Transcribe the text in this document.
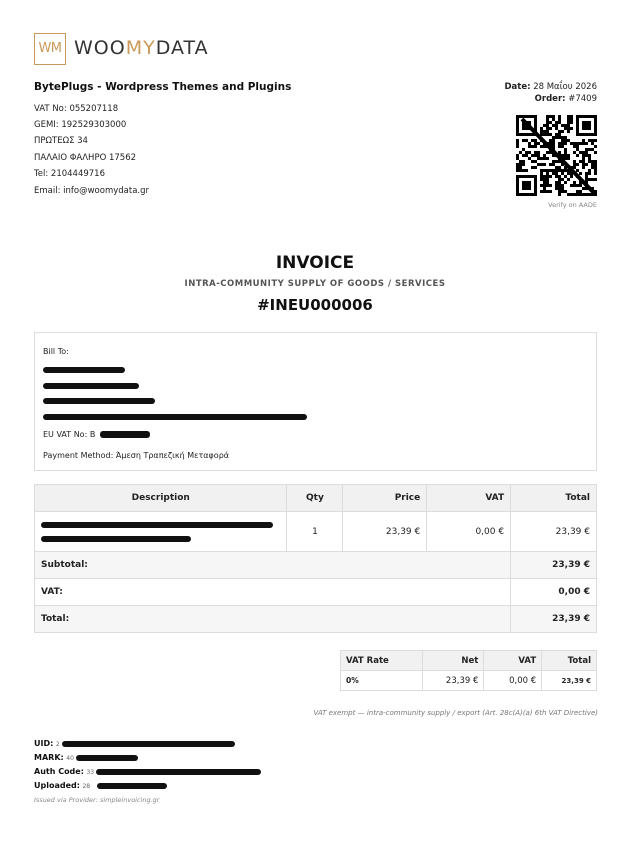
WM WOOMYDATA
BytePlugs - Wordpress Themes and Plugins
VAT No: 055207118
GEMI: 192529303000
ΠΡΩΤΕΩΣ 34
ΠΑΛΑΙΟ ΦΑΛΗΡΟ 17562
Tel: 2104449716
Email: info@woomydata.gr
Date: 28 Μαΐου 2026
Order: #7409
Verify on AADE
INVOICE
INTRA-COMMUNITY SUPPLY OF GOODS / SERVICES
#INEU000006
Bill To:
EU VAT No: B
Payment Method: Άμεση Τραπεζική Μεταφορά
Description	Qty	Price	VAT	Total

	1	23,39 €	0,00 €	23,39 €
Subtotal:				23,39 €
VAT:				0,00 €
Total:				23,39 €
VAT Rate	Net	VAT	Total
0%	23,39 €	0,00 €	23,39 €
VAT exempt — intra-community supply / export (Art. 28c(A)(a) 6th VAT Directive)
UID: 2
MARK: 40
Auth Code: 33
Uploaded: 28
Issued via Provider: simpleinvoicing.gr
